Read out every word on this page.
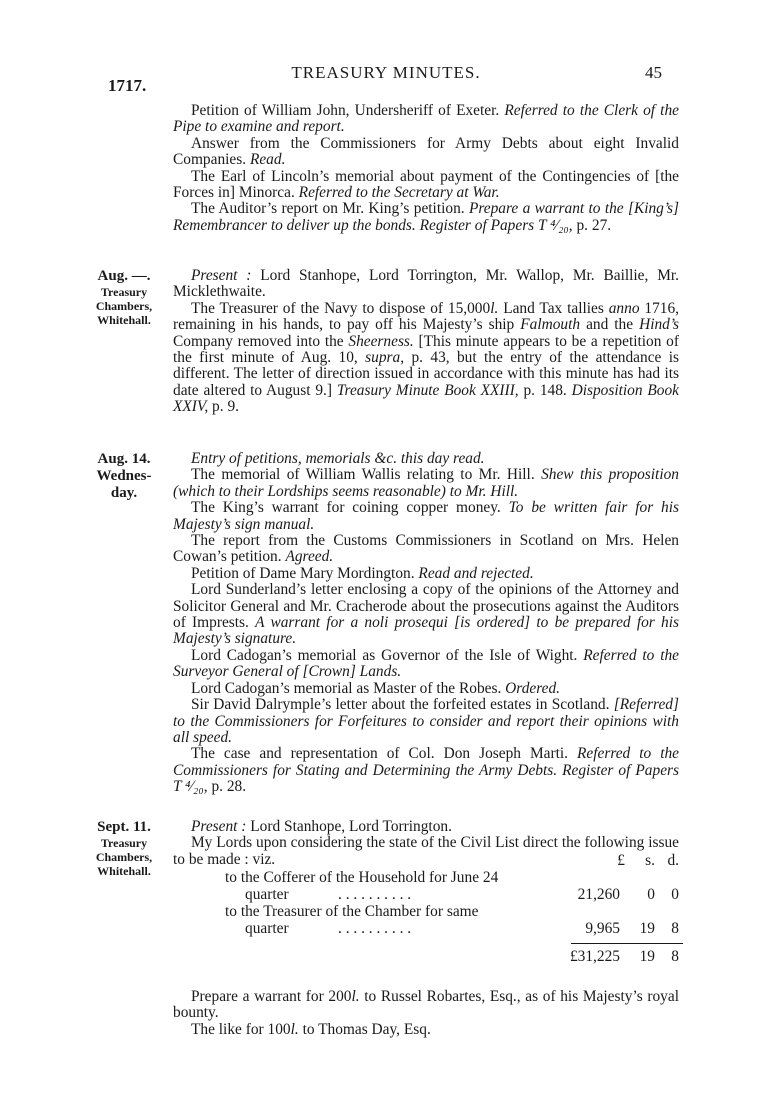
1717.
TREASURY MINUTES.	45

Petition of William John, Undersheriff of Exeter. Referred to the Clerk of the Pipe to examine and report.

Answer from the Commissioners for Army Debts about eight Invalid Companies. Read.

The Earl of Lincoln’s memorial about payment of the Contingencies of [the Forces in] Minorca. Referred to the Secretary at War.

The Auditor’s report on Mr. King’s petition. Prepare a warrant to the [King’s] Remembrancer to deliver up the bonds. Register of Papers T ⁴⁄₂₀, p. 27.

Aug. —.
Treasury
Chambers,
Whitehall.

Present : Lord Stanhope, Lord Torrington, Mr. Wallop, Mr. Baillie, Mr. Micklethwaite.

The Treasurer of the Navy to dispose of 15,000l. Land Tax tallies anno 1716, remaining in his hands, to pay off his Majesty’s ship Falmouth and the Hind’s Company removed into the Sheerness. [This minute appears to be a repetition of the first minute of Aug. 10, supra, p. 43, but the entry of the attendance is different. The letter of direction issued in accordance with this minute has had its date altered to August 9.] Treasury Minute Book XXIII, p. 148. Disposition Book XXIV, p. 9.

Aug. 14.
Wednes-
day.

Entry of petitions, memorials &c. this day read.

The memorial of William Wallis relating to Mr. Hill. Shew this proposition (which to their Lordships seems reasonable) to Mr. Hill.

The King’s warrant for coining copper money. To be written fair for his Majesty’s sign manual.

The report from the Customs Commissioners in Scotland on Mrs. Helen Cowan’s petition. Agreed.

Petition of Dame Mary Mordington. Read and rejected.

Lord Sunderland’s letter enclosing a copy of the opinions of the Attorney and Solicitor General and Mr. Cracherode about the prosecutions against the Auditors of Imprests. A warrant for a noli prosequi [is ordered] to be prepared for his Majesty’s signature.

Lord Cadogan’s memorial as Governor of the Isle of Wight. Referred to the Surveyor General of [Crown] Lands.

Lord Cadogan’s memorial as Master of the Robes. Ordered.

Sir David Dalrymple’s letter about the forfeited estates in Scotland. [Referred] to the Commissioners for Forfeitures to consider and report their opinions with all speed.

The case and representation of Col. Don Joseph Marti. Referred to the Commissioners for Stating and Determining the Army Debts. Register of Papers T ⁴⁄₂₀, p. 28.

Sept. 11.
Treasury
Chambers,
Whitehall.

Present : Lord Stanhope, Lord Torrington.

My Lords upon considering the state of the Civil List direct the following issue to be made : viz.	£ s. d.
to the Cofferer of the Household for June 24
quarter	. . . . . . . . . .	21,260 0 0
to the Treasurer of the Chamber for same
quarter	. . . . . . . . . .	9,965 19 8
£31,225 19 8

Prepare a warrant for 200l. to Russel Robartes, Esq., as of his Majesty’s royal bounty.

The like for 100l. to Thomas Day, Esq.
